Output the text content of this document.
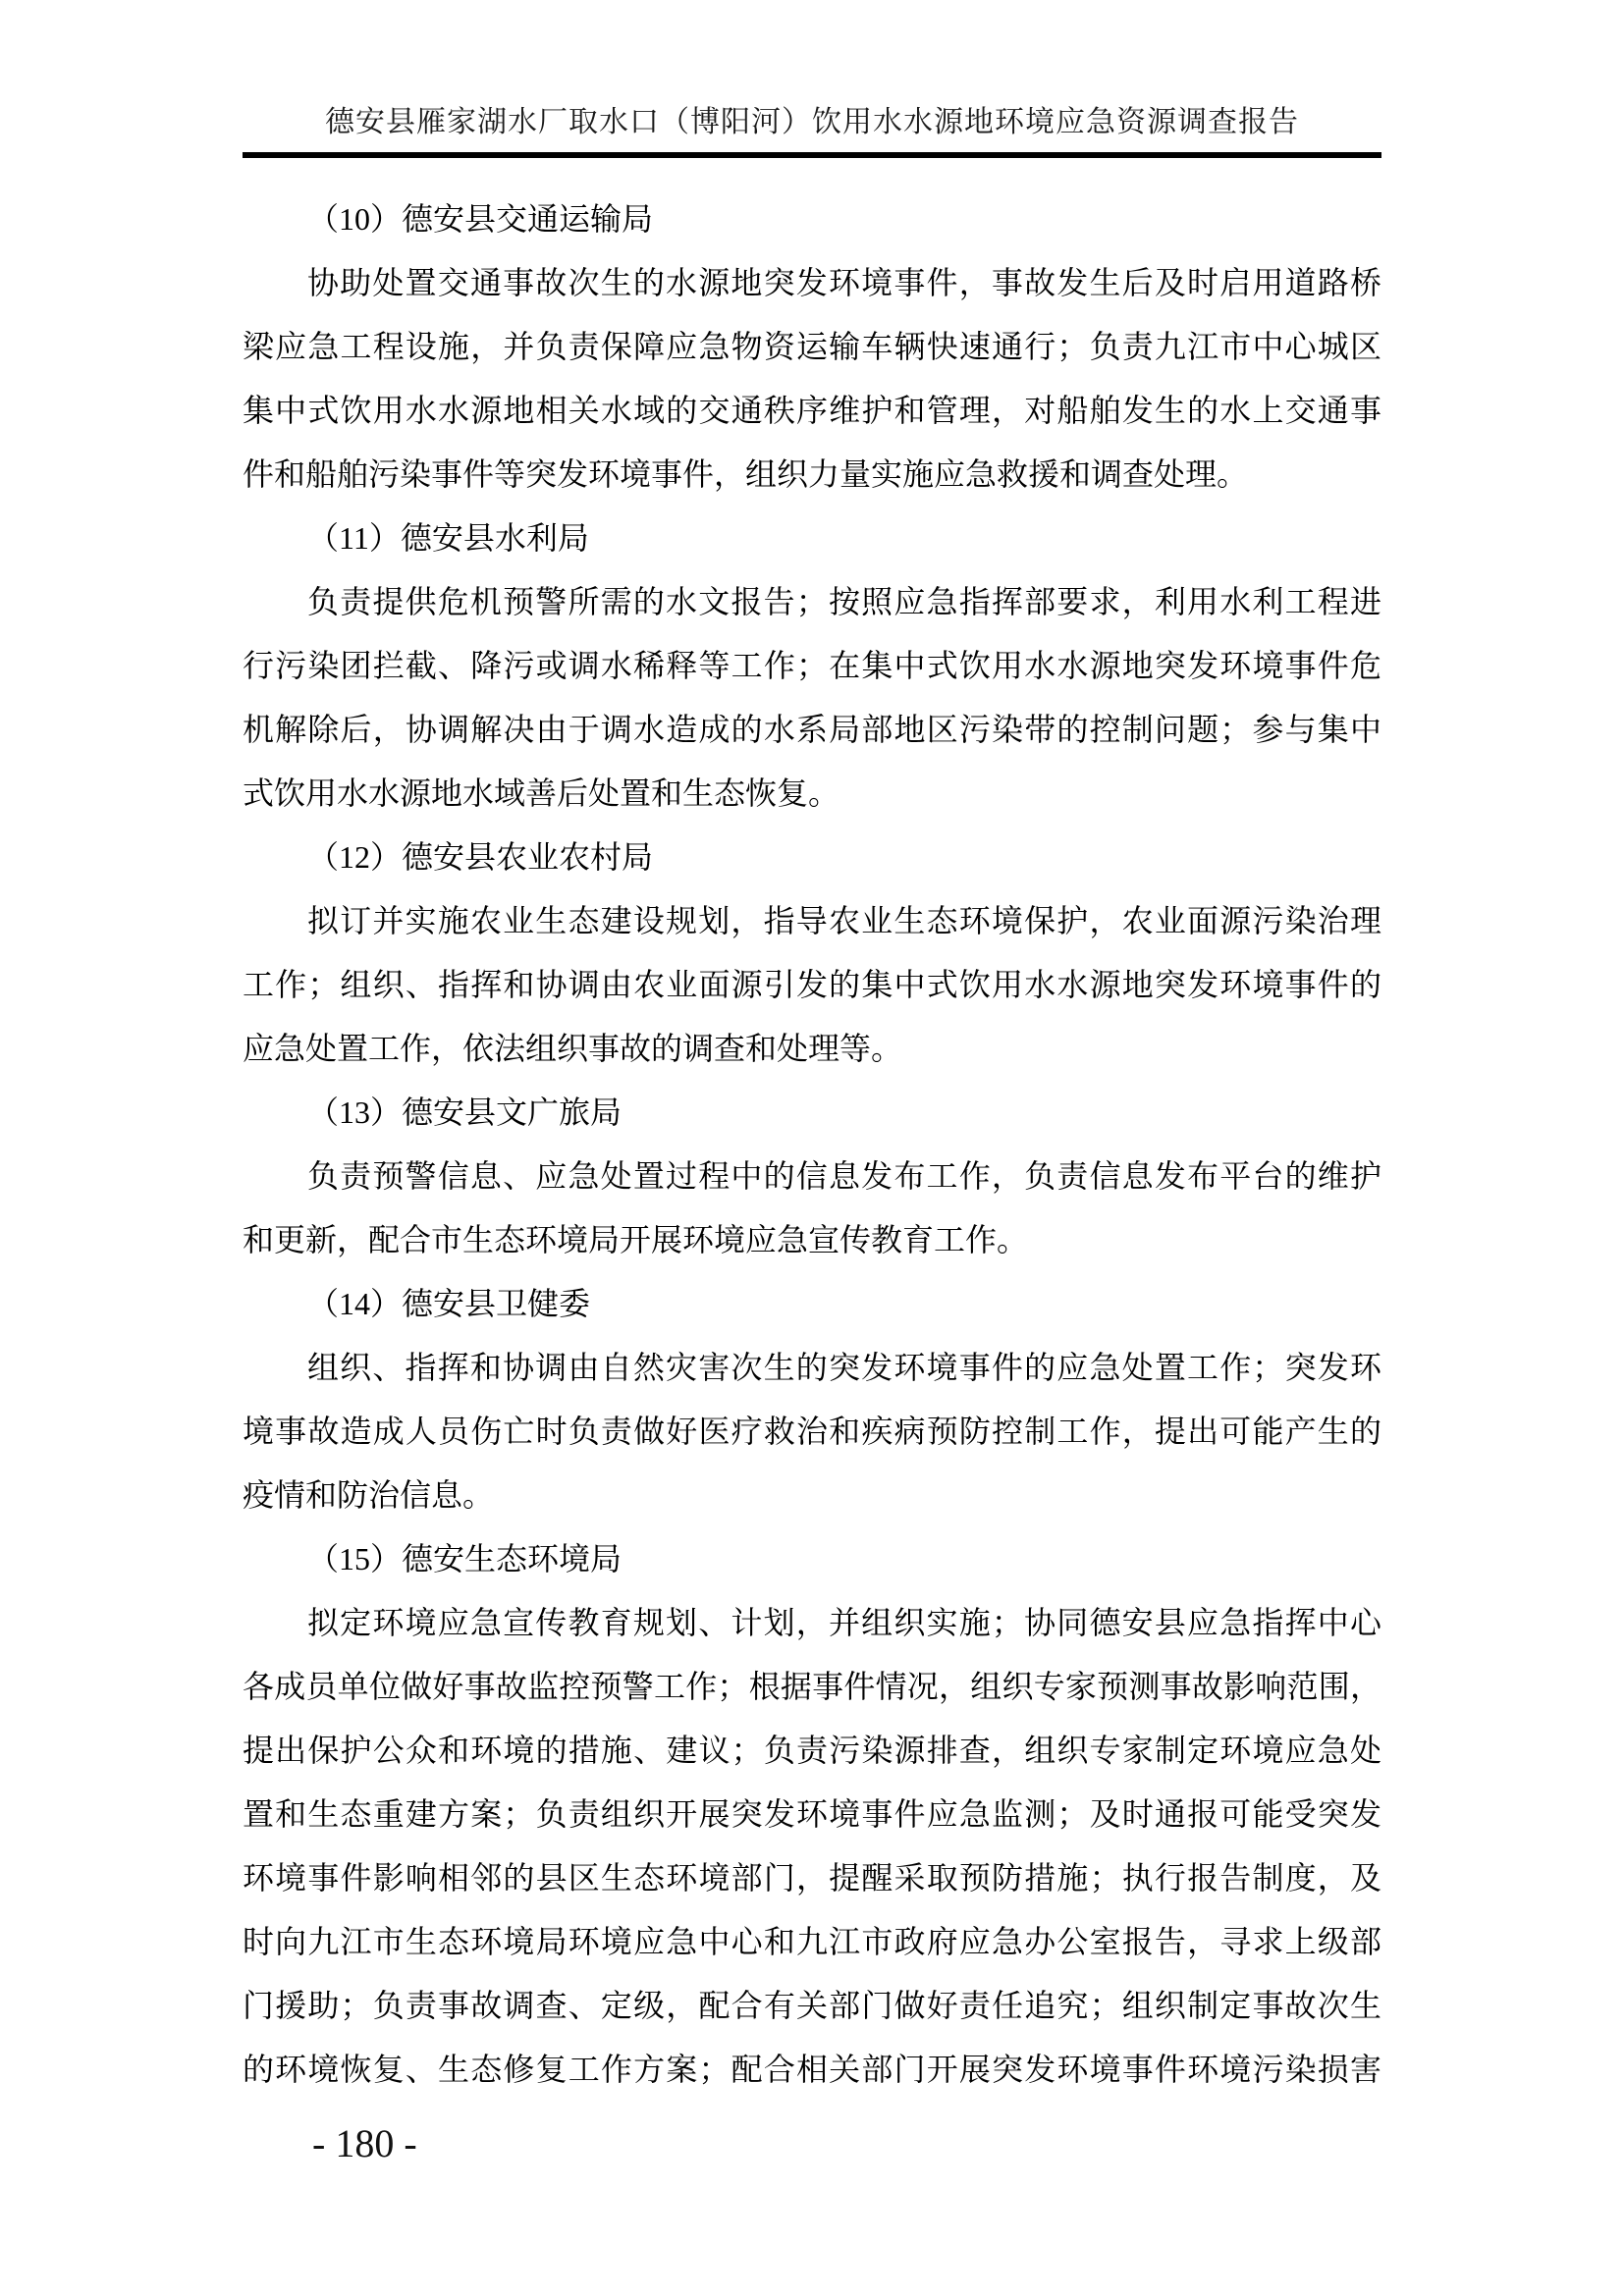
德安县雁家湖水厂取水口（博阳河）饮用水水源地环境应急资源调查报告
（10）德安县交通运输局
协助处置交通事故次生的水源地突发环境事件，事故发生后及时启用道路桥
梁应急工程设施，并负责保障应急物资运输车辆快速通行；负责九江市中心城区
集中式饮用水水源地相关水域的交通秩序维护和管理，对船舶发生的水上交通事
件和船舶污染事件等突发环境事件，组织力量实施应急救援和调查处理。
（11）德安县水利局
负责提供危机预警所需的水文报告；按照应急指挥部要求，利用水利工程进
行污染团拦截、降污或调水稀释等工作；在集中式饮用水水源地突发环境事件危
机解除后，协调解决由于调水造成的水系局部地区污染带的控制问题；参与集中
式饮用水水源地水域善后处置和生态恢复。
（12）德安县农业农村局
拟订并实施农业生态建设规划，指导农业生态环境保护，农业面源污染治理
工作；组织、指挥和协调由农业面源引发的集中式饮用水水源地突发环境事件的
应急处置工作，依法组织事故的调查和处理等。
（13）德安县文广旅局
负责预警信息、应急处置过程中的信息发布工作，负责信息发布平台的维护
和更新，配合市生态环境局开展环境应急宣传教育工作。
（14）德安县卫健委
组织、指挥和协调由自然灾害次生的突发环境事件的应急处置工作；突发环
境事故造成人员伤亡时负责做好医疗救治和疾病预防控制工作，提出可能产生的
疫情和防治信息。
（15）德安生态环境局
拟定环境应急宣传教育规划、计划，并组织实施；协同德安县应急指挥中心
各成员单位做好事故监控预警工作；根据事件情况，组织专家预测事故影响范围，
提出保护公众和环境的措施、建议；负责污染源排查，组织专家制定环境应急处
置和生态重建方案；负责组织开展突发环境事件应急监测；及时通报可能受突发
环境事件影响相邻的县区生态环境部门，提醒采取预防措施；执行报告制度，及
时向九江市生态环境局环境应急中心和九江市政府应急办公室报告，寻求上级部
门援助；负责事故调查、定级，配合有关部门做好责任追究；组织制定事故次生
的环境恢复、生态修复工作方案；配合相关部门开展突发环境事件环境污染损害
- 180 -
